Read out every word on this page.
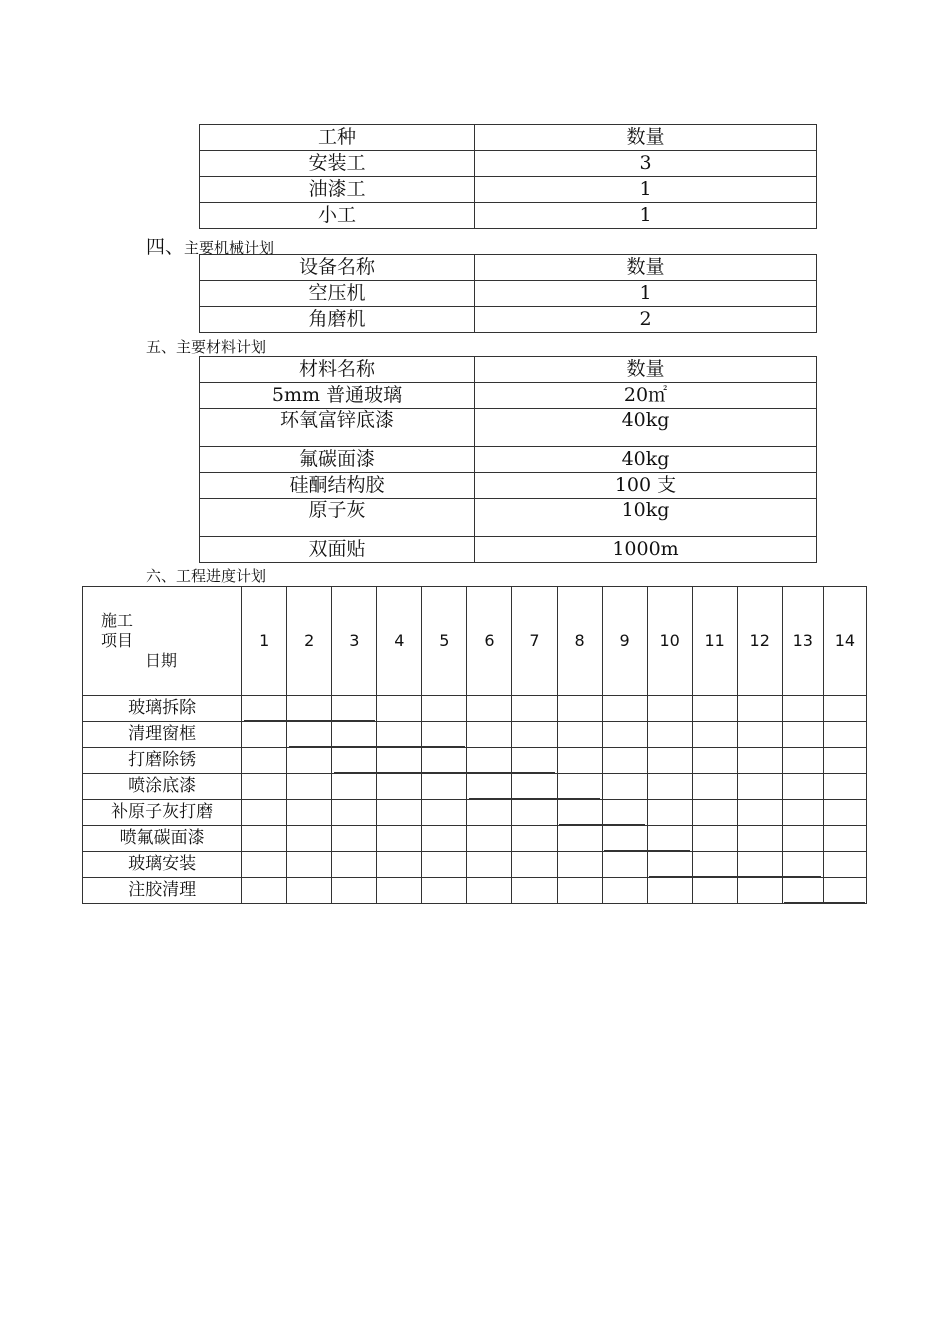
工种	数量
安装工	3
油漆工	1
小工	1
四、主要机械计划
设备名称	数量
空压机	1
角磨机	2
五、主要材料计划
材料名称	数量
5mm 普通玻璃	20㎡
环氧富锌底漆	40kg
氟碳面漆	40kg
硅酮结构胶	100 支
原子灰	10kg
双面贴	1000m
六、工程进度计划
施工
项目
日期	1	2	3	4	5	6	7	8	9	10	11	12	13	14
玻璃拆除														
清理窗框														
打磨除锈														
喷涂底漆														
补原子灰打磨														
喷氟碳面漆														
玻璃安装														
注胶清理														
